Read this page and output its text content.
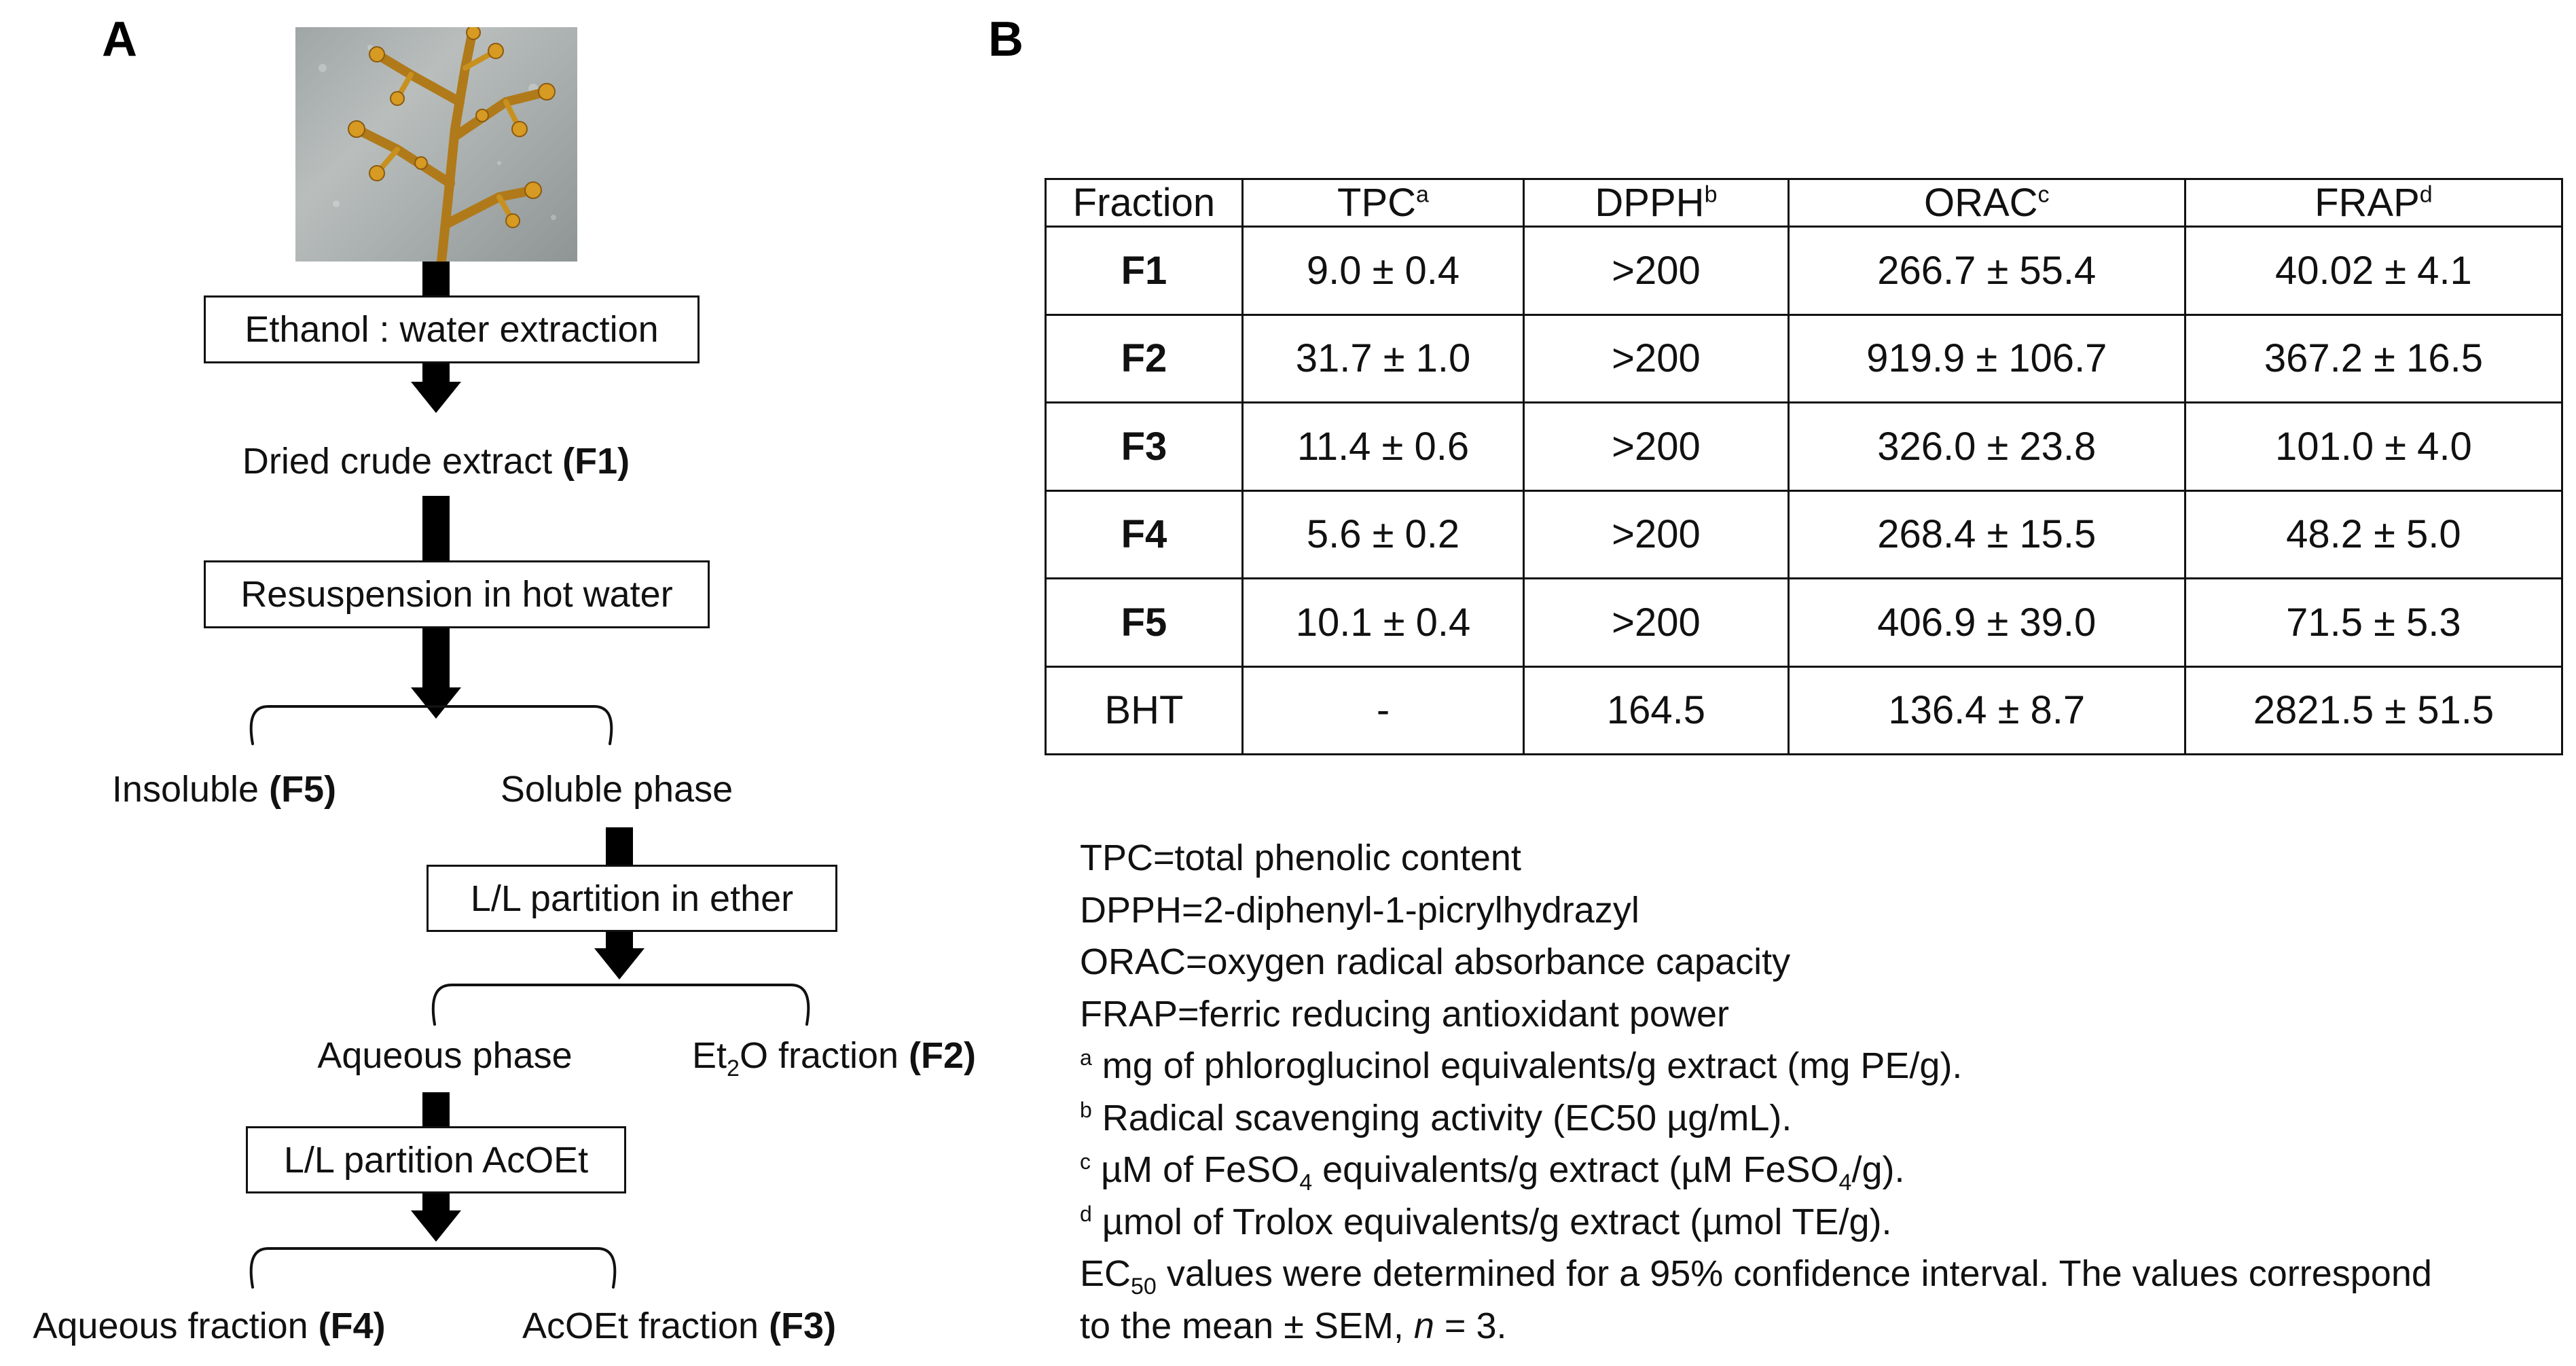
A	B
Ethanol : water extraction
Resuspension in hot water
L/L partition in ether
L/L partition AcOEt
Dried crude extract (F1)
Insoluble (F5)	Soluble phase
Aqueous phase	$Et_2O$ fraction (F2)
Aqueous fraction (F4)	AcOEt fraction (F3)
Fraction	TPC$^a$	DPPH$^b$	ORAC$^c$	FRAP$^d$
F1	9.0 ± 0.4	>200	266.7 ± 55.4	40.02 ± 4.1
F2	31.7 ± 1.0	>200	919.9 ± 106.7	367.2 ± 16.5
F3	11.4 ± 0.6	>200	326.0 ± 23.8	101.0 ± 4.0
F4	5.6 ± 0.2	>200	268.4 ± 15.5	48.2 ± 5.0
F5	10.1 ± 0.4	>200	406.9 ± 39.0	71.5 ± 5.3
BHT	-	164.5	136.4 ± 8.7	2821.5 ± 51.5
TPC=total phenolic content
DPPH=2-diphenyl-1-picrylhydrazyl
ORAC=oxygen radical absorbance capacity
FRAP=ferric reducing antioxidant power
$^a$ mg of phloroglucinol equivalents/g extract (mg PE/g).
$^b$ Radical scavenging activity (EC50 µg/mL).
$^c$ µM of FeSO$_4$ equivalents/g extract (µM FeSO$_4$/g).
$^d$ µmol of Trolox equivalents/g extract (µmol TE/g).
$EC_{50}$ values were determined for a 95% confidence interval. The values correspond
to the mean ± SEM, n = 3.
